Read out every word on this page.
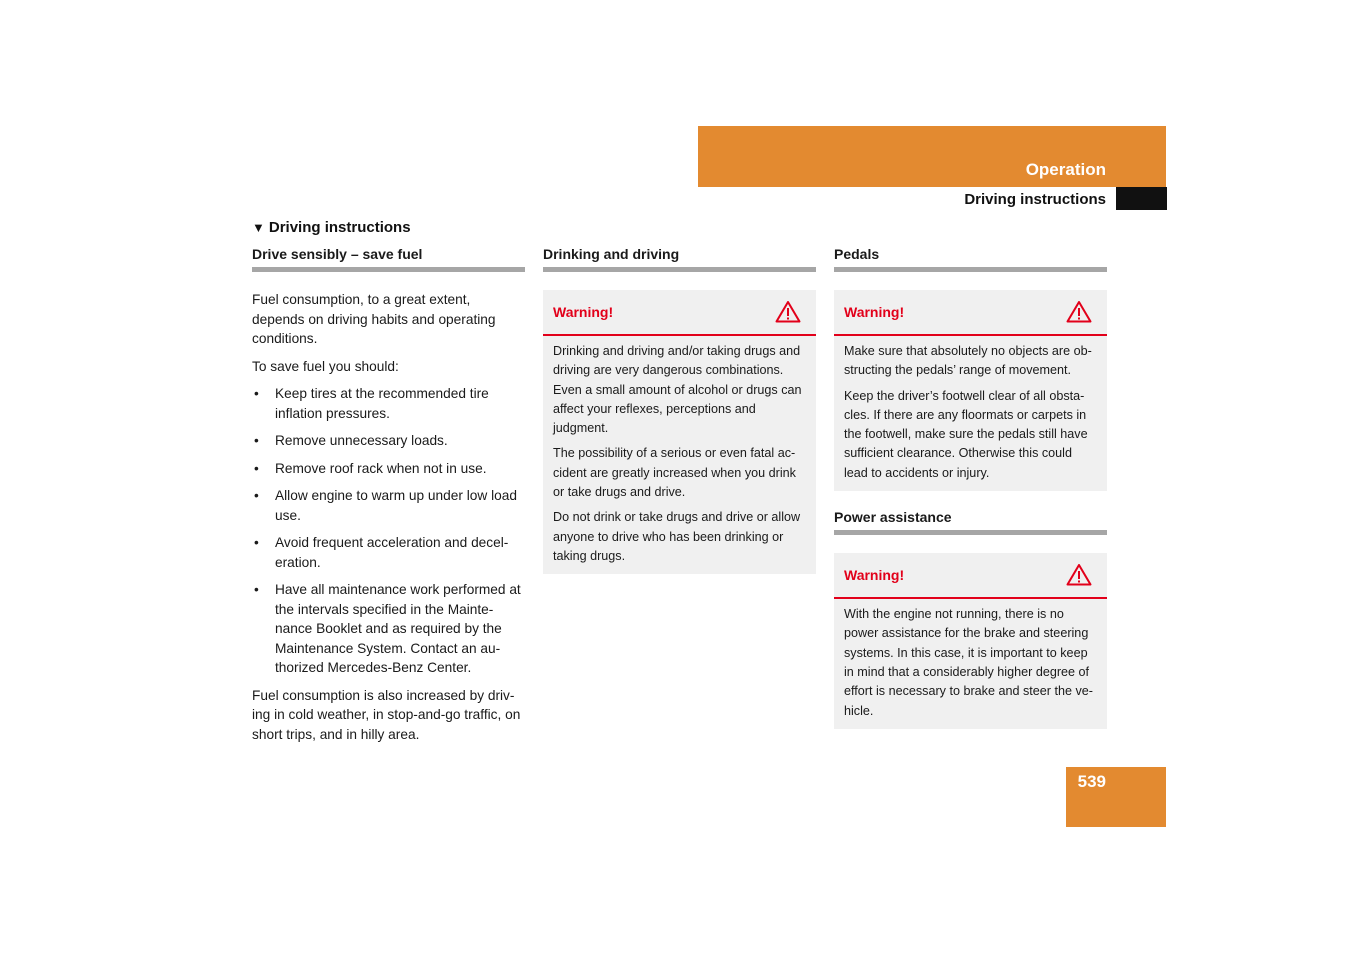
Operation
Driving instructions
▼ Driving instructions
Drive sensibly – save fuel

Fuel consumption, to a great extent, depends on driving habits and operating conditions.

To save fuel you should:

• Keep tires at the recommended tire inflation pressures.
• Remove unnecessary loads.
• Remove roof rack when not in use.
• Allow engine to warm up under low load use.
• Avoid frequent acceleration and deceleration.
• Have all maintenance work performed at the intervals specified in the Maintenance Booklet and as required by the Maintenance System. Contact an authorized Mercedes-Benz Center.

Fuel consumption is also increased by driving in cold weather, in stop-and-go traffic, on short trips, and in hilly area.

Drinking and driving
Warning!

Drinking and driving and/or taking drugs and driving are very dangerous combinations. Even a small amount of alcohol or drugs can affect your reflexes, perceptions and judgment.

The possibility of a serious or even fatal accident are greatly increased when you drink or take drugs and drive.

Do not drink or take drugs and drive or allow anyone to drive who has been drinking or taking drugs.

Pedals
Warning!

Make sure that absolutely no objects are obstructing the pedals’ range of movement.

Keep the driver’s footwell clear of all obstacles. If there are any floormats or carpets in the footwell, make sure the pedals still have sufficient clearance. Otherwise this could lead to accidents or injury.

Power assistance
Warning!

With the engine not running, there is no power assistance for the brake and steering systems. In this case, it is important to keep in mind that a considerably higher degree of effort is necessary to brake and steer the vehicle.

539
